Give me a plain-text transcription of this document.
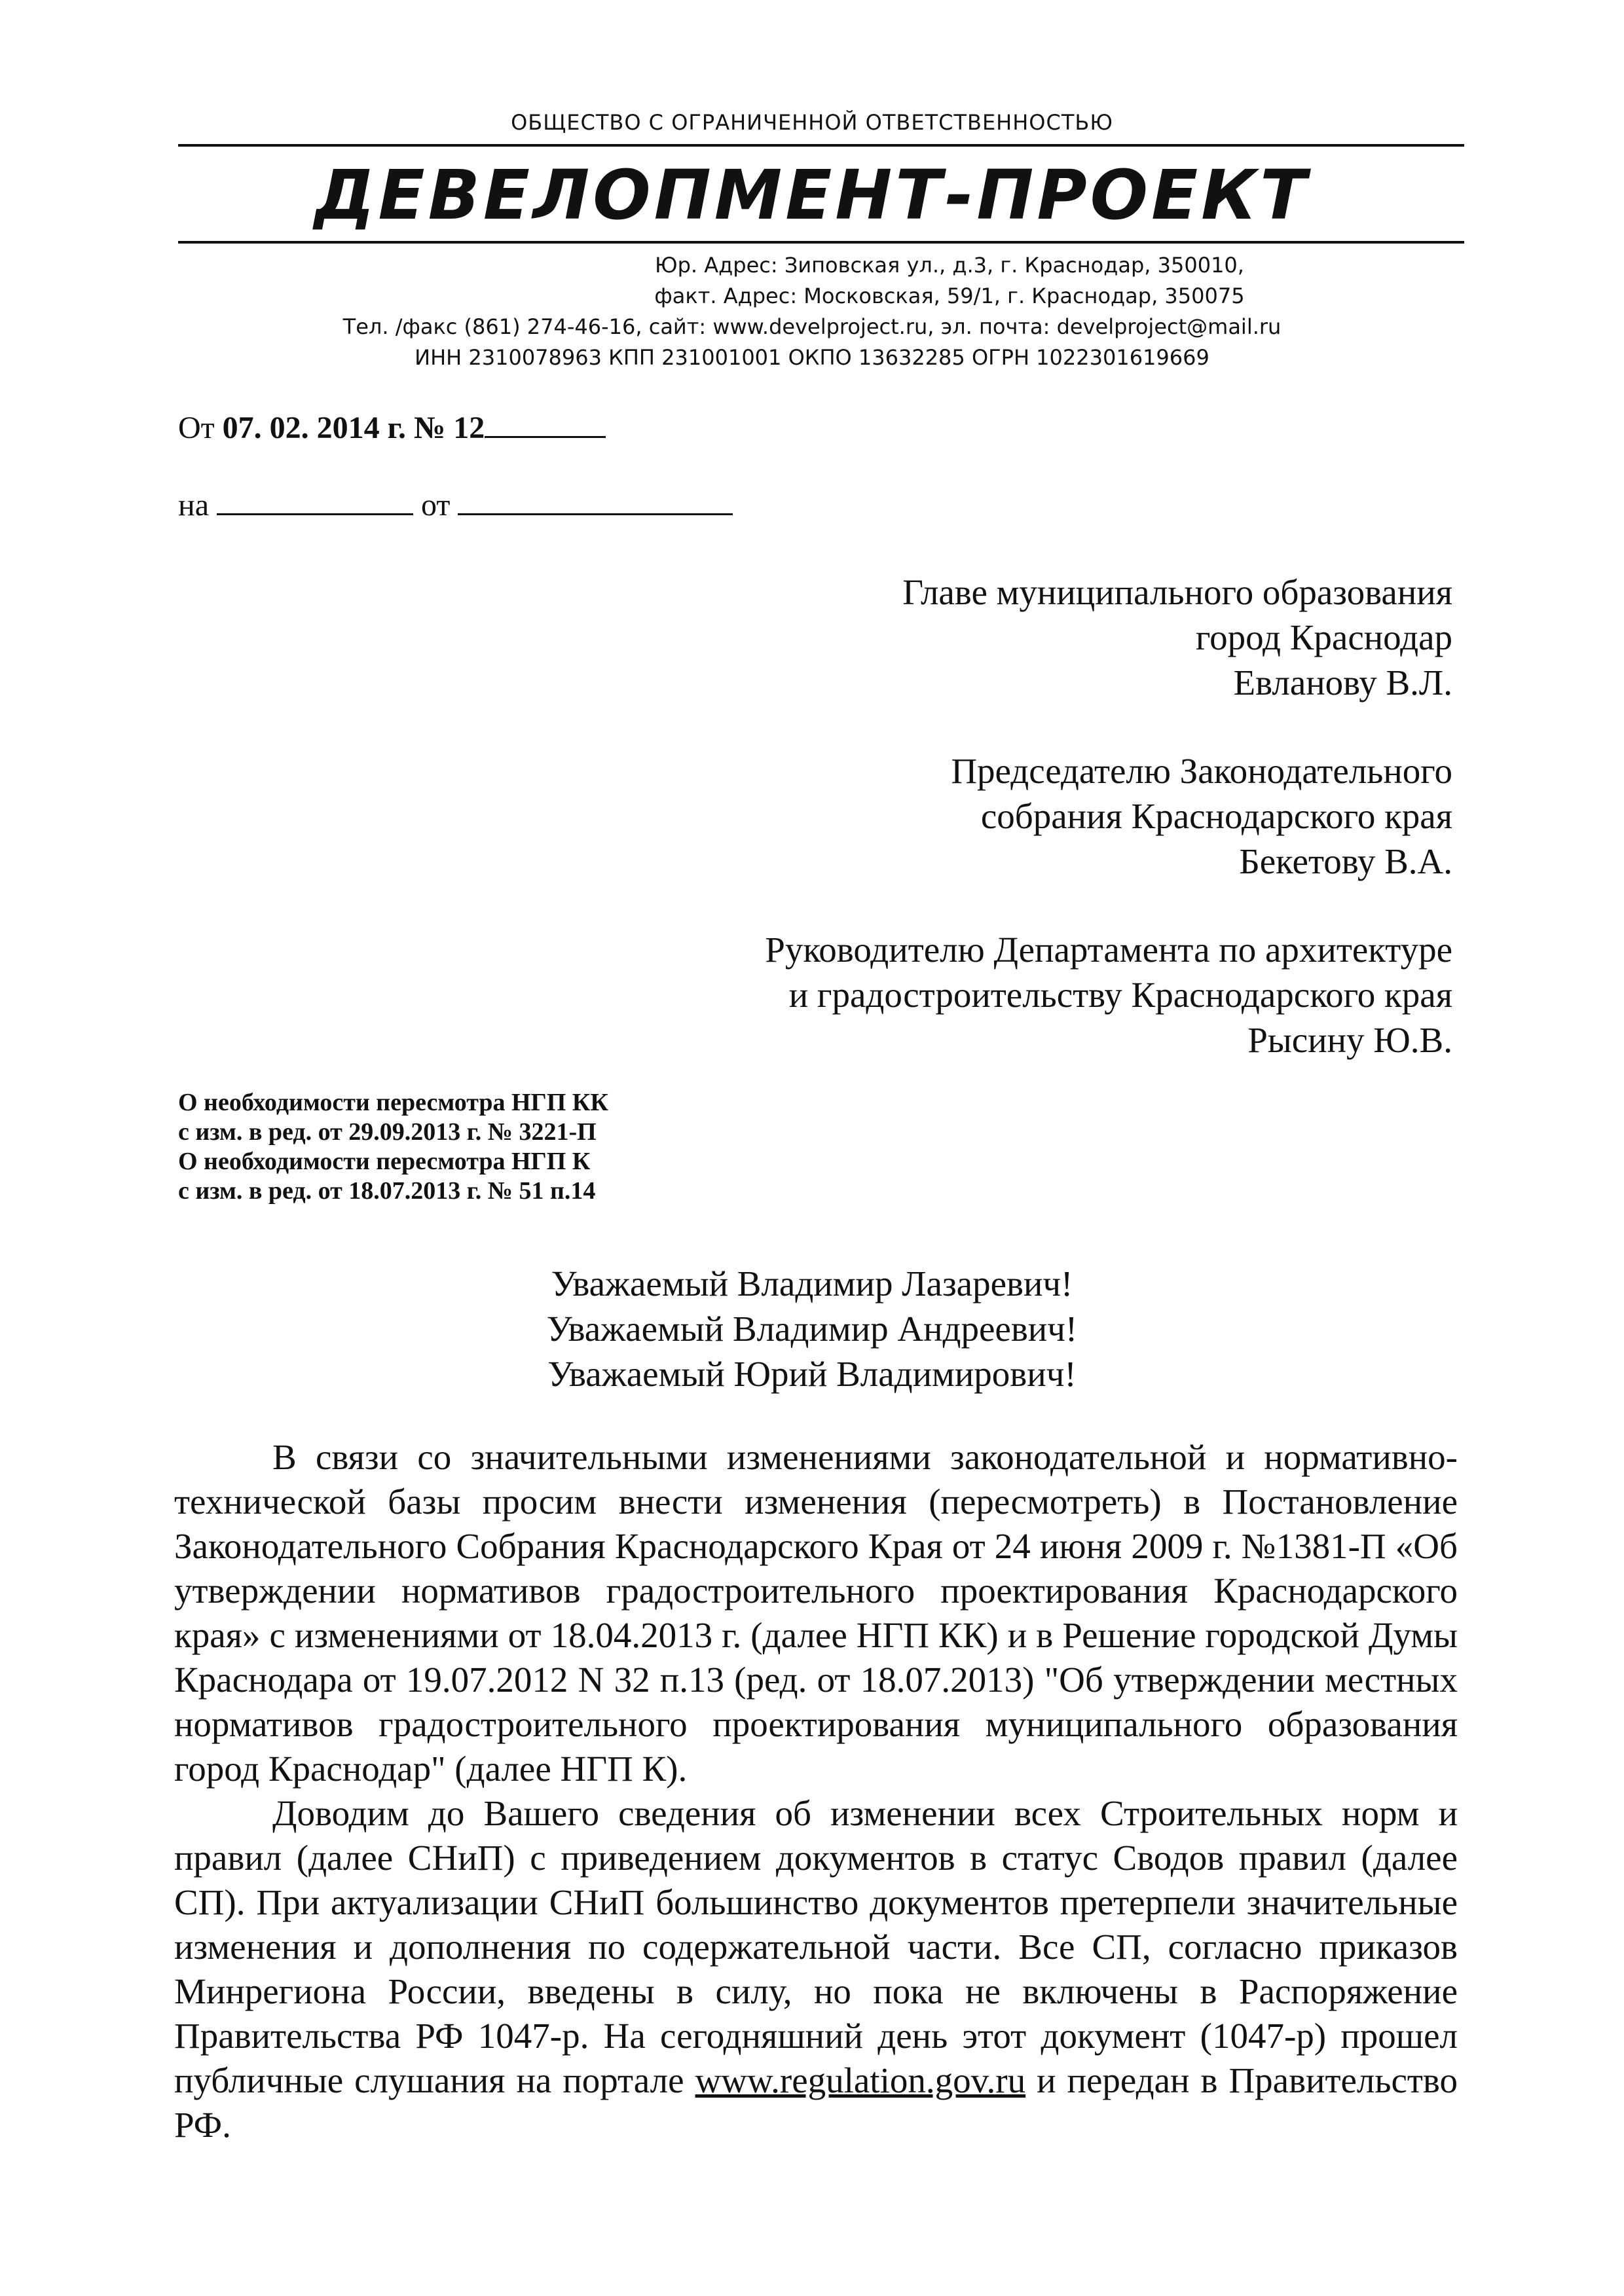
ОБЩЕСТВО С ОГРАНИЧЕННОЙ ОТВЕТСТВЕННОСТЬЮ
ДЕВЕЛОПМЕНТ-ПРОЕКТ
Юр. Адрес: Зиповская ул., д.3, г. Краснодар, 350010,
факт. Адрес: Московская, 59/1, г. Краснодар, 350075
Тел. /факс (861) 274-46-16, сайт: www.develproject.ru, эл. почта: develproject@mail.ru
ИНН 2310078963 КПП 231001001 ОКПО 13632285 ОГРН 1022301619669
От 07. 02. 2014 г. № 12
на	от
Главе муниципального образования
город Краснодар
Евланову В.Л.
Председателю Законодательного
собрания Краснодарского края
Бекетову В.А.
Руководителю Департамента по архитектуре
и градостроительству Краснодарского края
Рысину Ю.В.
О необходимости пересмотра НГП КК
с изм. в ред. от 29.09.2013 г. № 3221-П
О необходимости пересмотра НГП К
с изм. в ред. от 18.07.2013 г. № 51 п.14
Уважаемый Владимир Лазаревич!
Уважаемый Владимир Андреевич!
Уважаемый Юрий Владимирович!

В связи со значительными изменениями законодательной и нормативно-технической базы просим внести изменения (пересмотреть) в Постановление Законодательного Собрания Краснодарского Края от 24 июня 2009 г. №1381-П «Об утверждении нормативов градостроительного проектирования Краснодарского края» с изменениями от 18.04.2013 г. (далее НГП КК) и в Решение городской Думы Краснодара от 19.07.2012 N 32 п.13 (ред. от 18.07.2013) "Об утверждении местных нормативов градостроительного проектирования муниципального образования город Краснодар" (далее НГП К).

Доводим до Вашего сведения об изменении всех Строительных норм и правил (далее СНиП) с приведением документов в статус Сводов правил (далее СП). При актуализации СНиП большинство документов претерпели значительные изменения и дополнения по содержательной части. Все СП, согласно приказов Минрегиона России, введены в силу, но пока не включены в Распоряжение Правительства РФ 1047-р. На сегодняшний день этот документ (1047-р) прошел публичные слушания на портале www.regulation.gov.ru и передан в Правительство РФ.
